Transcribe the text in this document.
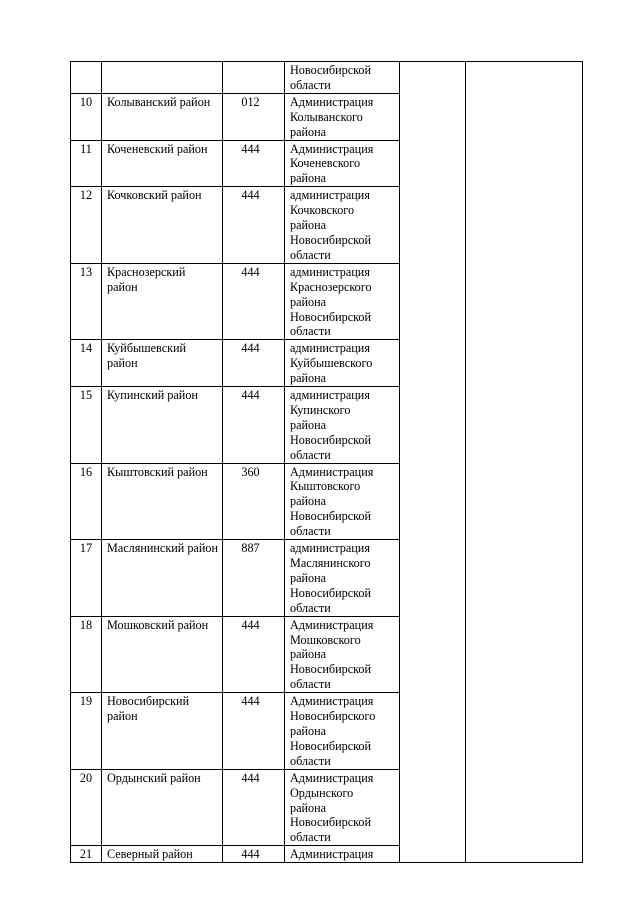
			Новосибирской
области		

10	Колыванский район	012	Администрация
Колыванского
района		

11	Коченевский район	444	Администрация
Коченевского
района		

12	Кочковский район	444	администрация
Кочковского
района
Новосибирской
области		

13	Краснозерский район	444	администрация
Краснозерского
района
Новосибирской
области		

14	Куйбышевский район	444	администрация
Куйбышевского
района		

15	Купинский район	444	администрация
Купинского
района
Новосибирской
области		

16	Кыштовский район	360	Администрация
Кыштовского
района
Новосибирской
области		

17	Маслянинский район	887	администрация
Маслянинского
района
Новосибирской
области		

18	Мошковский район	444	Администрация
Мошковского
района
Новосибирской
области		

19	Новосибирский район	444	Администрация
Новосибирского
района
Новосибирской
области		

20	Ордынский район	444	Администрация
Ордынского
района
Новосибирской
области		

21	Северный район	444	Администрация		
